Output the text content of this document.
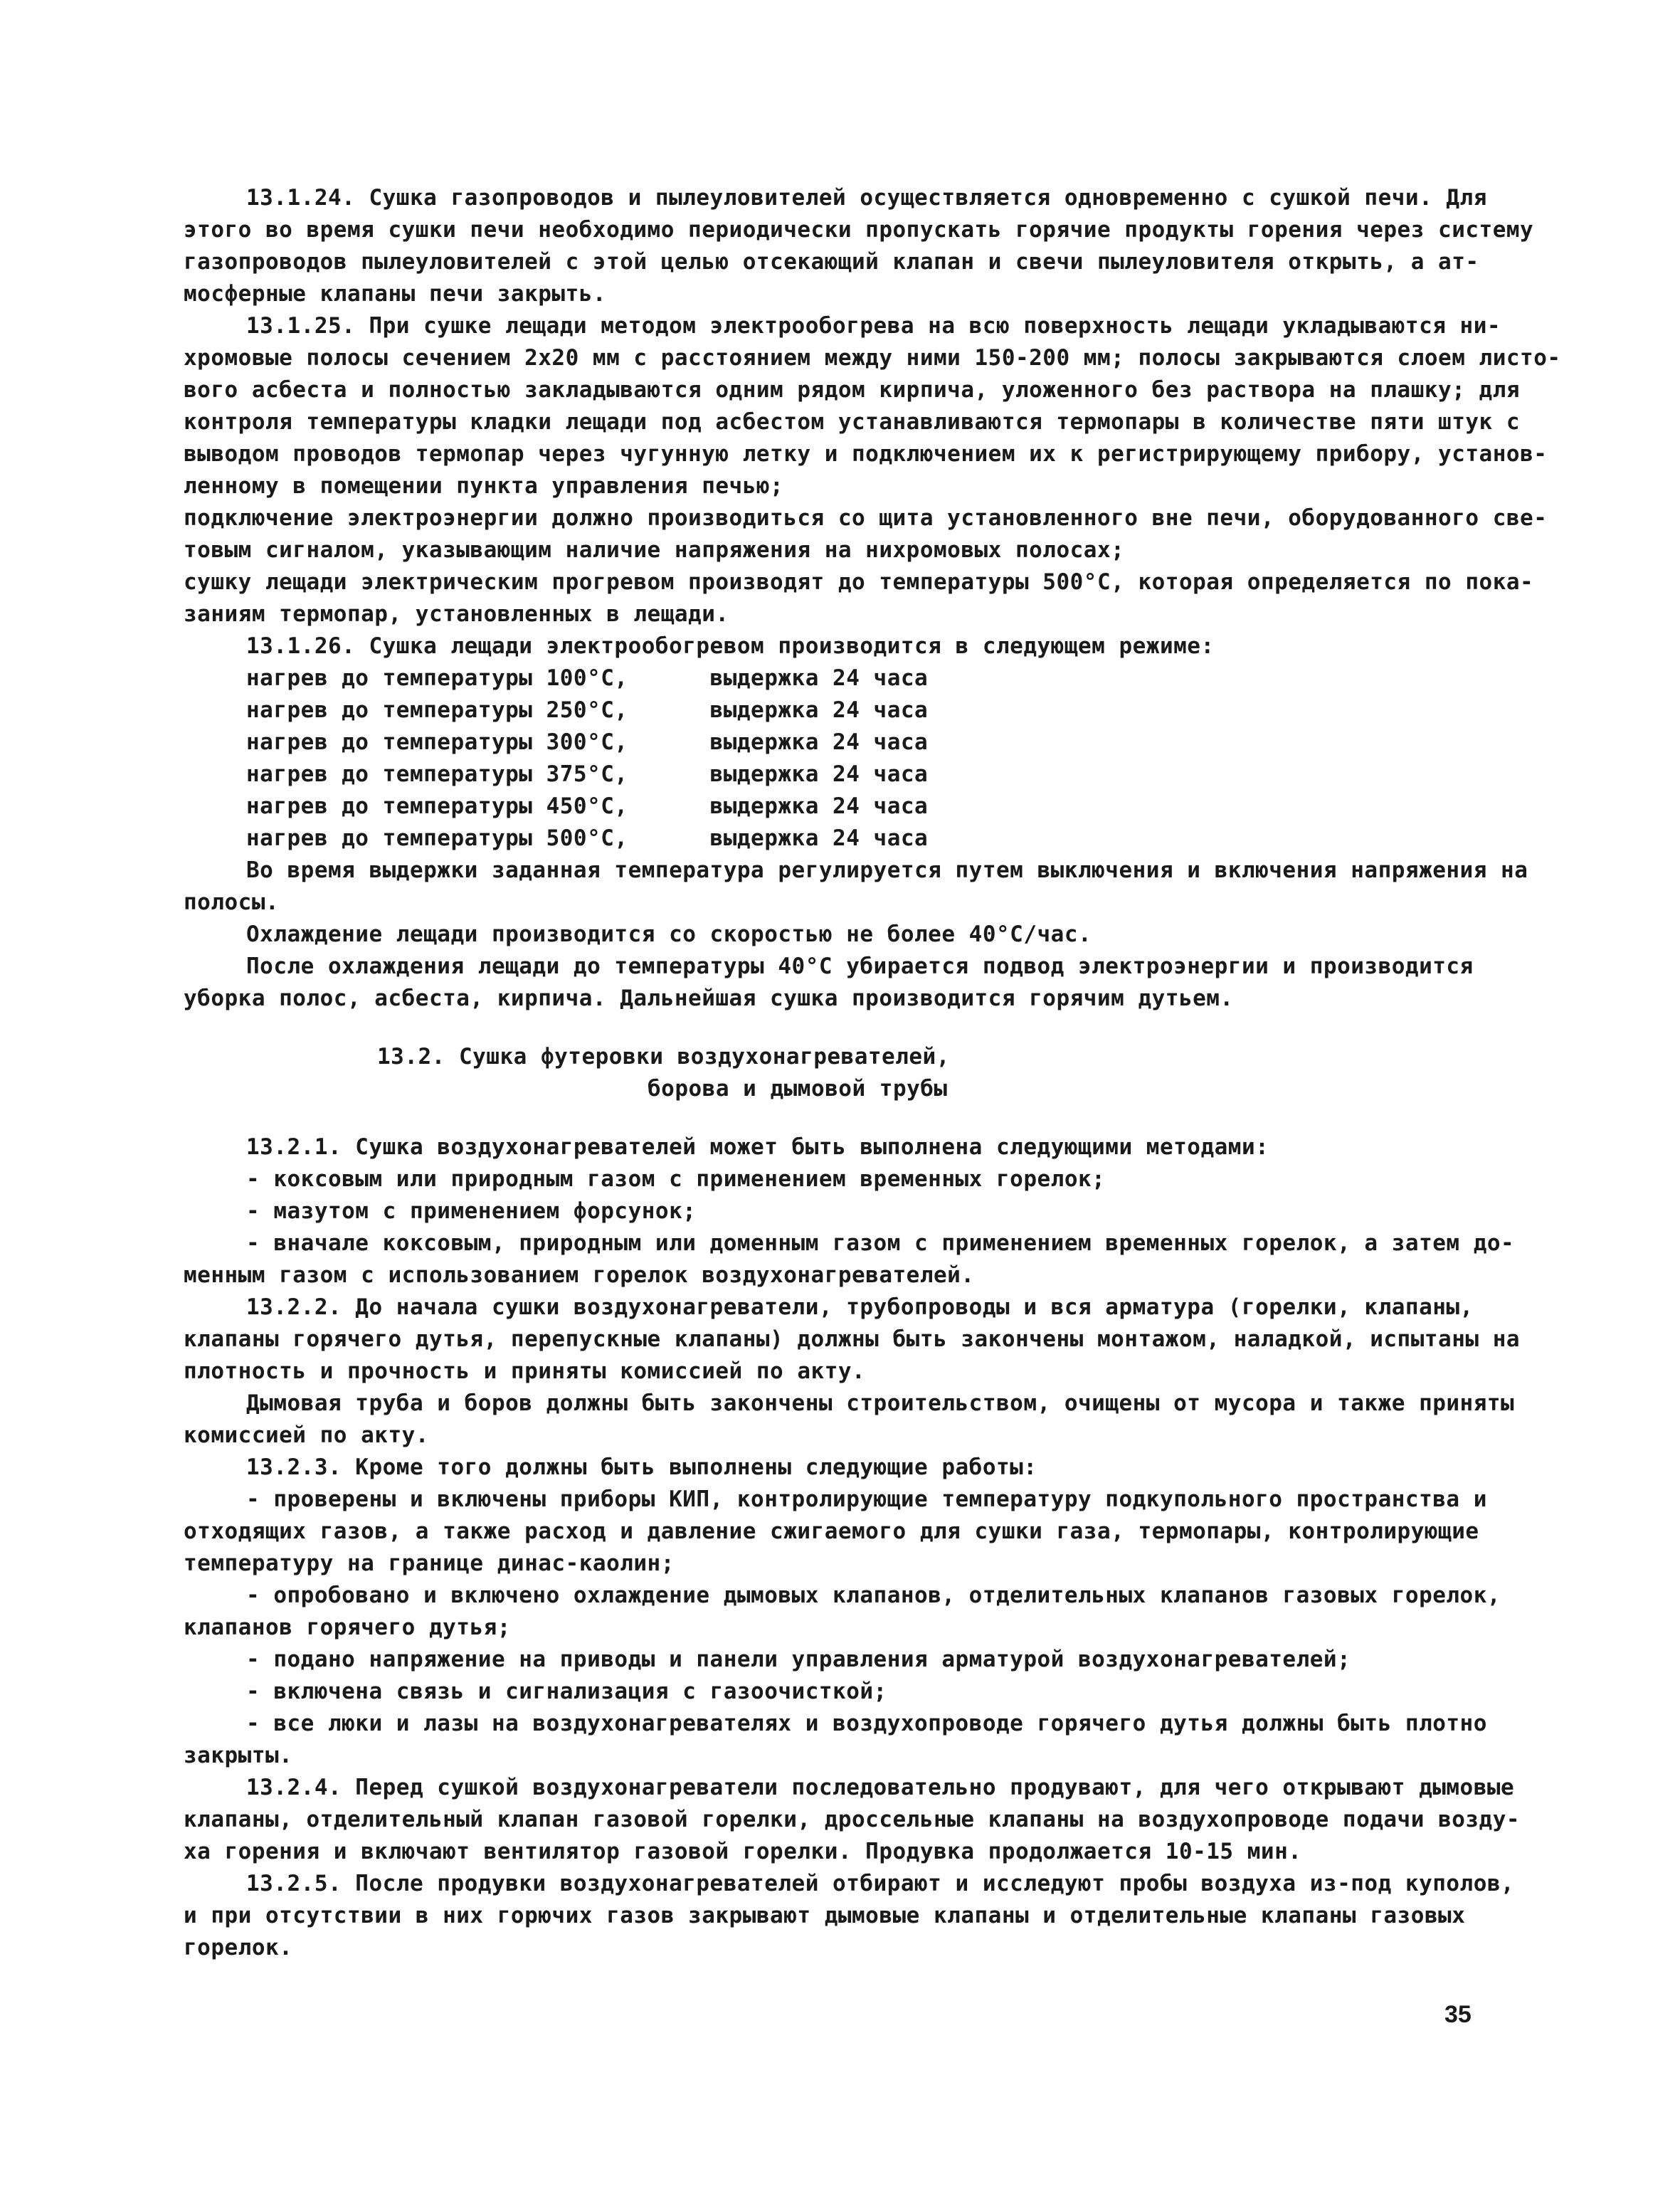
13.1.24. Сушка газопроводов и пылеуловителей осуществляется одновременно с сушкой печи. Для
этого во время сушки печи необходимо периодически пропускать горячие продукты горения через систему
газопроводов пылеуловителей с этой целью отсекающий клапан и свечи пылеуловителя открыть, а ат-
мосферные клапаны печи закрыть.
13.1.25. При сушке лещади методом электрообогрева на всю поверхность лещади укладываются ни-
хромовые полосы сечением 2х20 мм с расстоянием между ними 150-200 мм; полосы закрываются слоем листо-
вого асбеста и полностью закладываются одним рядом кирпича, уложенного без раствора на плашку; для
контроля температуры кладки лещади под асбестом устанавливаются термопары в количестве пяти штук с
выводом проводов термопар через чугунную летку и подключением их к регистрирующему прибору, установ-
ленному в помещении пункта управления печью;
подключение электроэнергии должно производиться со щита установленного вне печи, оборудованного све-
товым сигналом, указывающим наличие напряжения на нихромовых полосах;
сушку лещади электрическим прогревом производят до температуры 500°С, которая определяется по пока-
заниям термопар, установленных в лещади.
13.1.26. Сушка лещади электрообогревом производится в следующем режиме:
нагрев до температуры 100°С,      выдержка 24 часа
нагрев до температуры 250°С,      выдержка 24 часа
нагрев до температуры 300°С,      выдержка 24 часа
нагрев до температуры 375°С,      выдержка 24 часа
нагрев до температуры 450°С,      выдержка 24 часа
нагрев до температуры 500°С,      выдержка 24 часа
Во время выдержки заданная температура регулируется путем выключения и включения напряжения на
полосы.
Охлаждение лещади производится со скоростью не более 40°С/час.
После охлаждения лещади до температуры 40°С убирается подвод электроэнергии и производится
уборка полос, асбеста, кирпича. Дальнейшая сушка производится горячим дутьем.
13.2. Сушка футеровки воздухонагревателей,
борова и дымовой трубы
13.2.1. Сушка воздухонагревателей может быть выполнена следующими методами:
- коксовым или природным газом с применением временных горелок;
- мазутом с применением форсунок;
- вначале коксовым, природным или доменным газом с применением временных горелок, а затем до-
менным газом с использованием горелок воздухонагревателей.
13.2.2. До начала сушки воздухонагреватели, трубопроводы и вся арматура (горелки, клапаны,
клапаны горячего дутья, перепускные клапаны) должны быть закончены монтажом, наладкой, испытаны на
плотность и прочность и приняты комиссией по акту.
Дымовая труба и боров должны быть закончены строительством, очищены от мусора и также приняты
комиссией по акту.
13.2.3. Кроме того должны быть выполнены следующие работы:
- проверены и включены приборы КИП, контролирующие температуру подкупольного пространства и
отходящих газов, а также расход и давление сжигаемого для сушки газа, термопары, контролирующие
температуру на границе динас-каолин;
- опробовано и включено охлаждение дымовых клапанов, отделительных клапанов газовых горелок,
клапанов горячего дутья;
- подано напряжение на приводы и панели управления арматурой воздухонагревателей;
- включена связь и сигнализация с газоочисткой;
- все люки и лазы на воздухонагревателях и воздухопроводе горячего дутья должны быть плотно
закрыты.
13.2.4. Перед сушкой воздухонагреватели последовательно продувают, для чего открывают дымовые
клапаны, отделительный клапан газовой горелки, дроссельные клапаны на воздухопроводе подачи возду-
ха горения и включают вентилятор газовой горелки. Продувка продолжается 10-15 мин.
13.2.5. После продувки воздухонагревателей отбирают и исследуют пробы воздуха из-под куполов,
и при отсутствии в них горючих газов закрывают дымовые клапаны и отделительные клапаны газовых
горелок.
35
